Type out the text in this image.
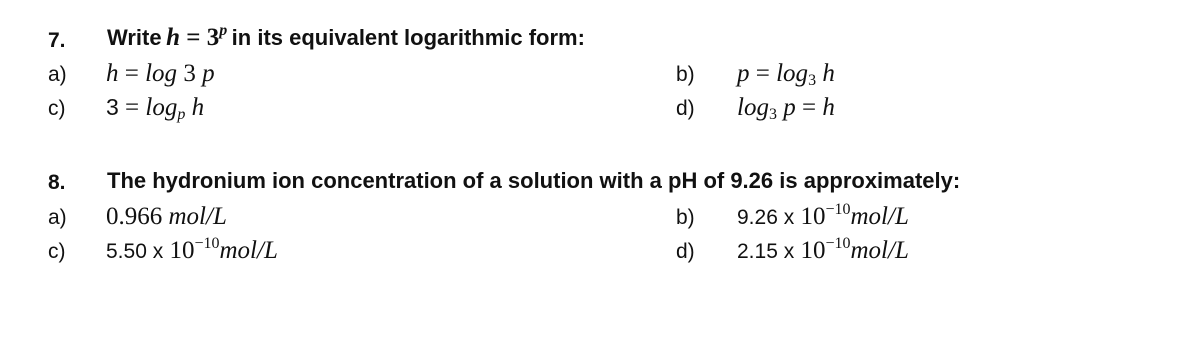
7. Write $h = 3^p$ in its equivalent logarithmic form:
a) h = log 3 p	b) $p = \log_3 h$
c) $3 = \log_p h$	d) $\log_3 p = h$
8. The hydronium ion concentration of a solution with a pH of 9.26 is approximately:
a) 0.966 mol/L	b) 9.26 x $10^{-10}mol/L$
c) 5.50 x $10^{-10}mol/L$	d) 2.15 x $10^{-10}mol/L$
